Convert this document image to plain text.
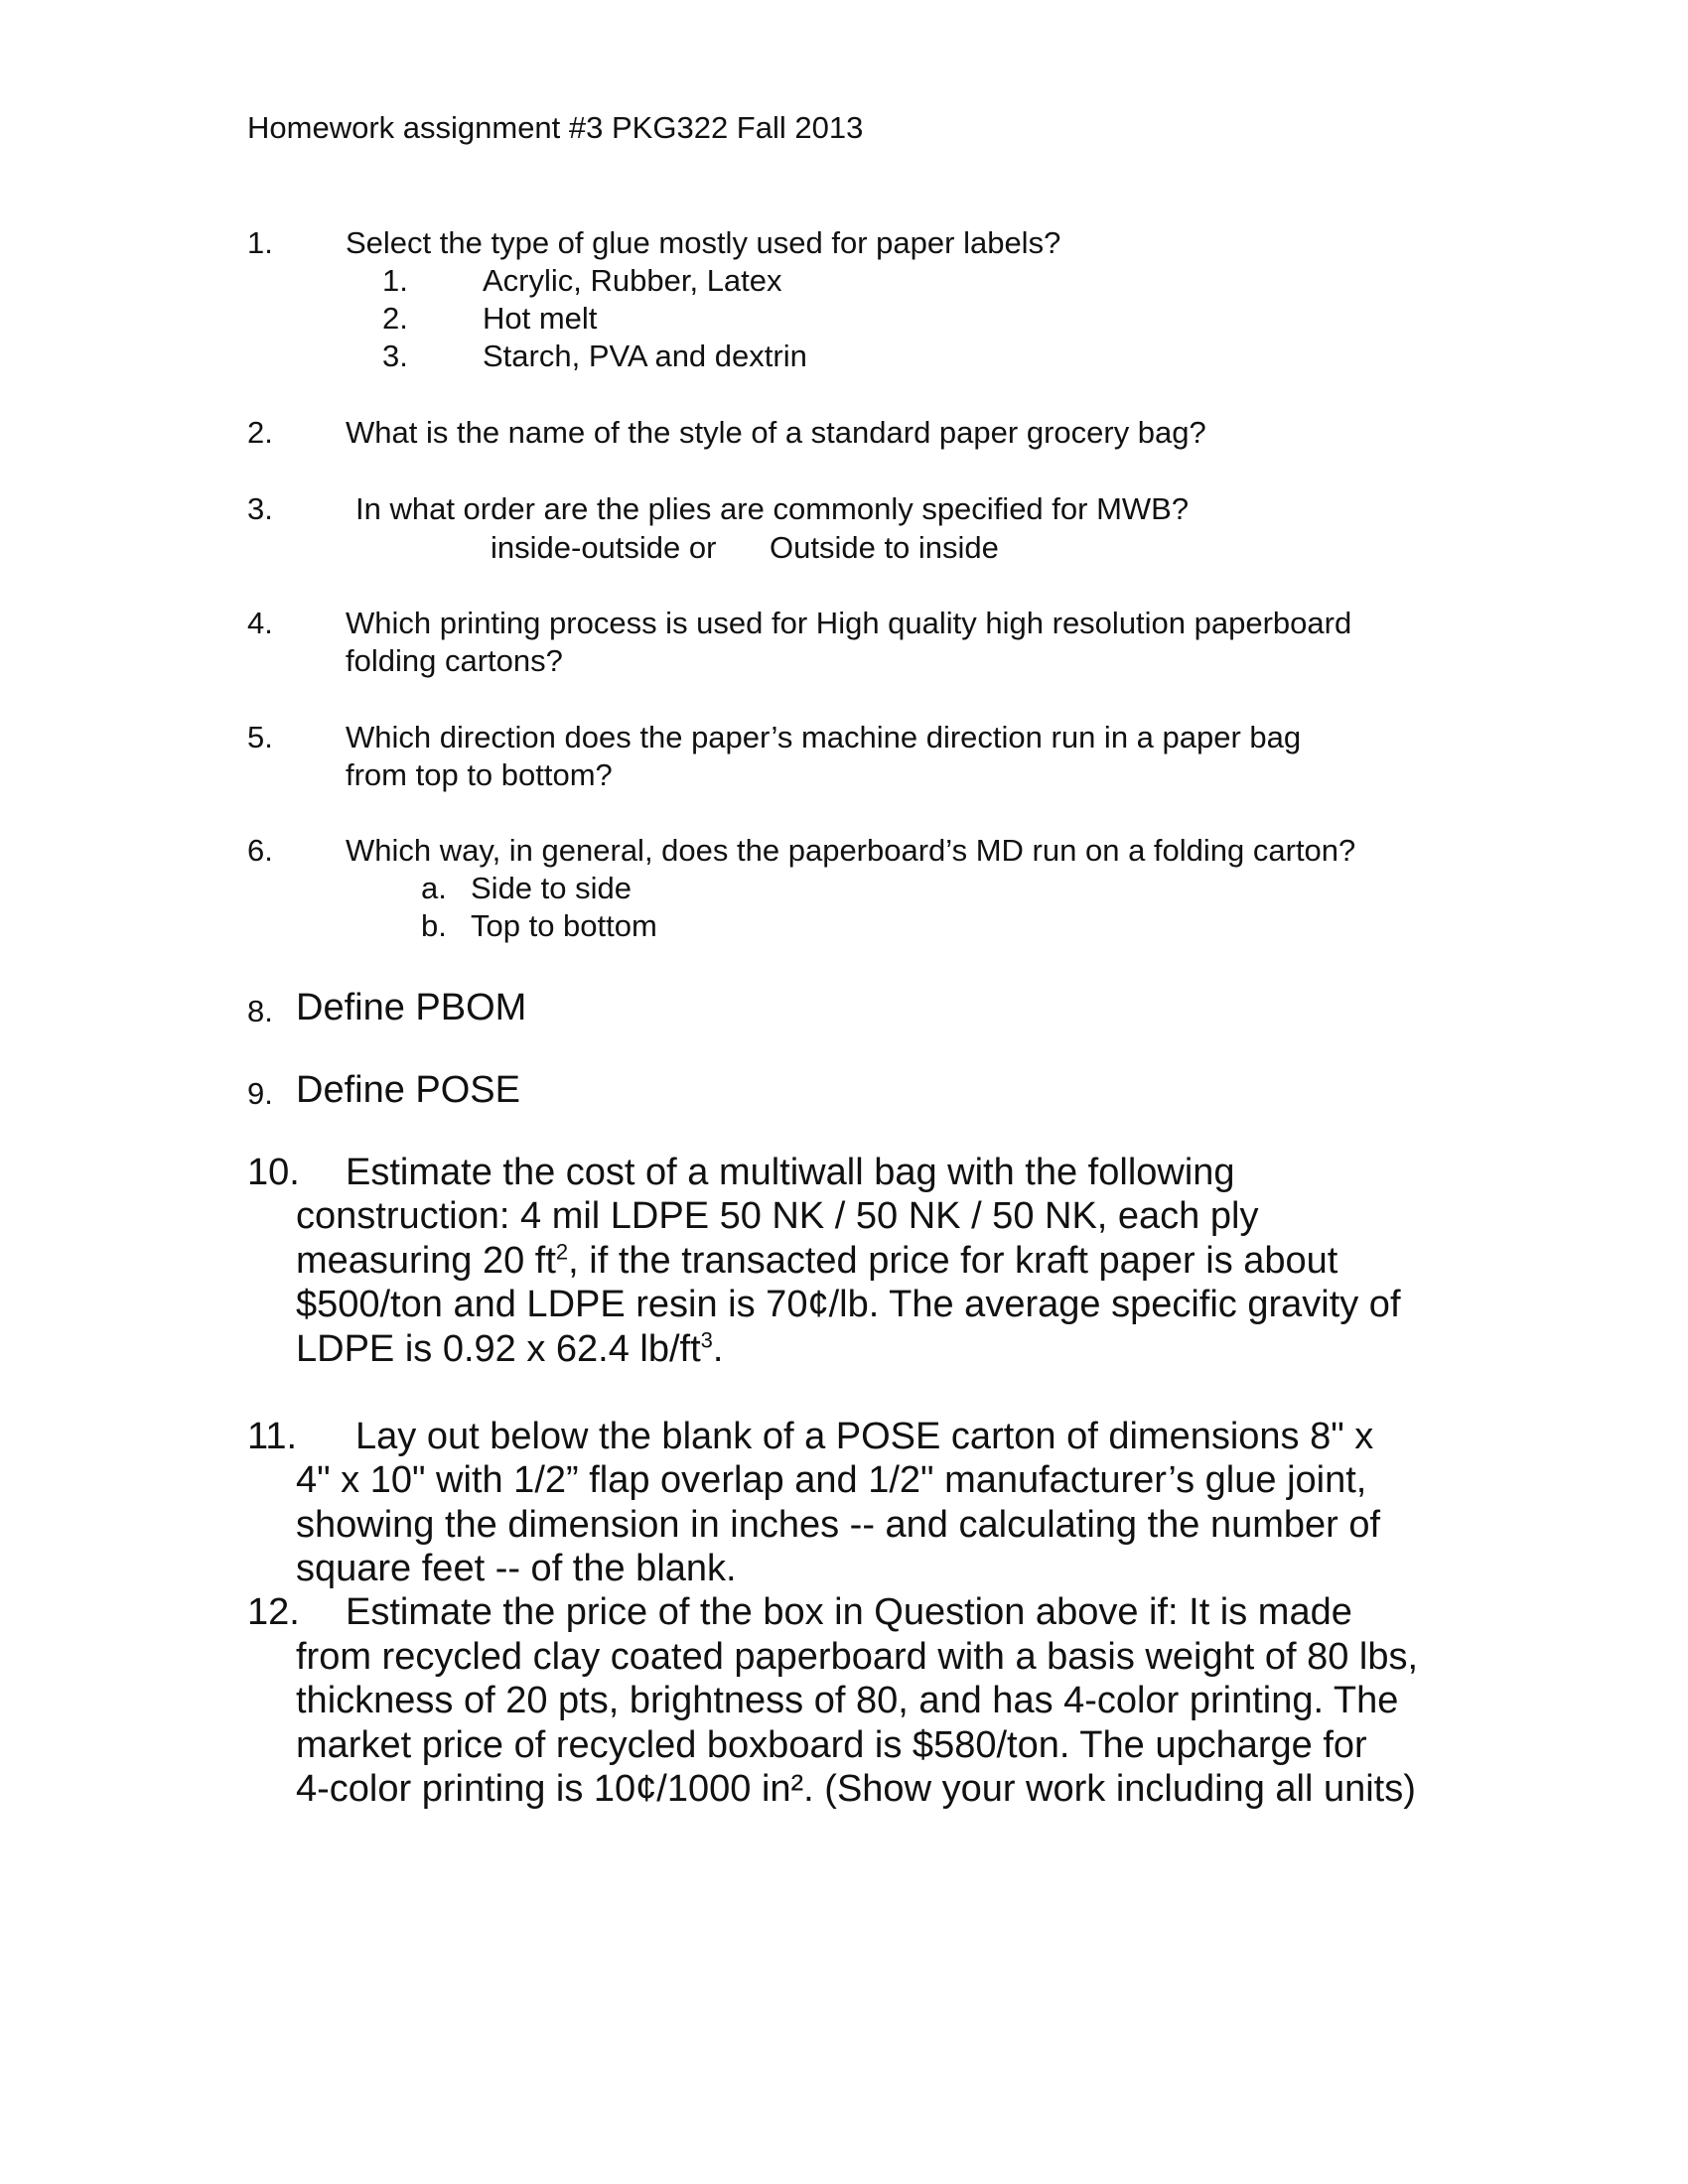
Homework assignment #3 PKG322 Fall 2013
1. Select the type of glue mostly used for paper labels?
1. Acrylic, Rubber, Latex
2. Hot melt
3. Starch, PVA and dextrin
2. What is the name of the style of a standard paper grocery bag?
3.	In what order are the plies are commonly specified for MWB?
inside-outside or Outside to inside
4. Which printing process is used for High quality high resolution paperboard
folding cartons?
5. Which direction does the paper’s machine direction run in a paper bag
from top to bottom?
6. Which way, in general, does the paperboard’s MD run on a folding carton?
a. Side to side
b. Top to bottom
8. Define PBOM
9. Define POSE
10. Estimate the cost of a multiwall bag with the following
construction: 4 mil LDPE 50 NK / 50 NK / 50 NK, each ply
measuring 20 $ft^2$, if the transacted price for kraft paper is about
$500/ton and LDPE resin is 70¢/lb. The average specific gravity of
LDPE is 0.92 x 62.4 $lb/ft^3$.
11. Lay out below the blank of a POSE carton of dimensions 8" x
4" x 10" with 1/2” flap overlap and 1/2" manufacturer’s glue joint,
showing the dimension in inches -- and calculating the number of
square feet -- of the blank.
12. Estimate the price of the box in Question above if: It is made
from recycled clay coated paperboard with a basis weight of 80 lbs,
thickness of 20 pts, brightness of 80, and has 4-color printing. The
market price of recycled boxboard is $580/ton. The upcharge for
4-color printing is 10¢/1000 in². (Show your work including all units)
